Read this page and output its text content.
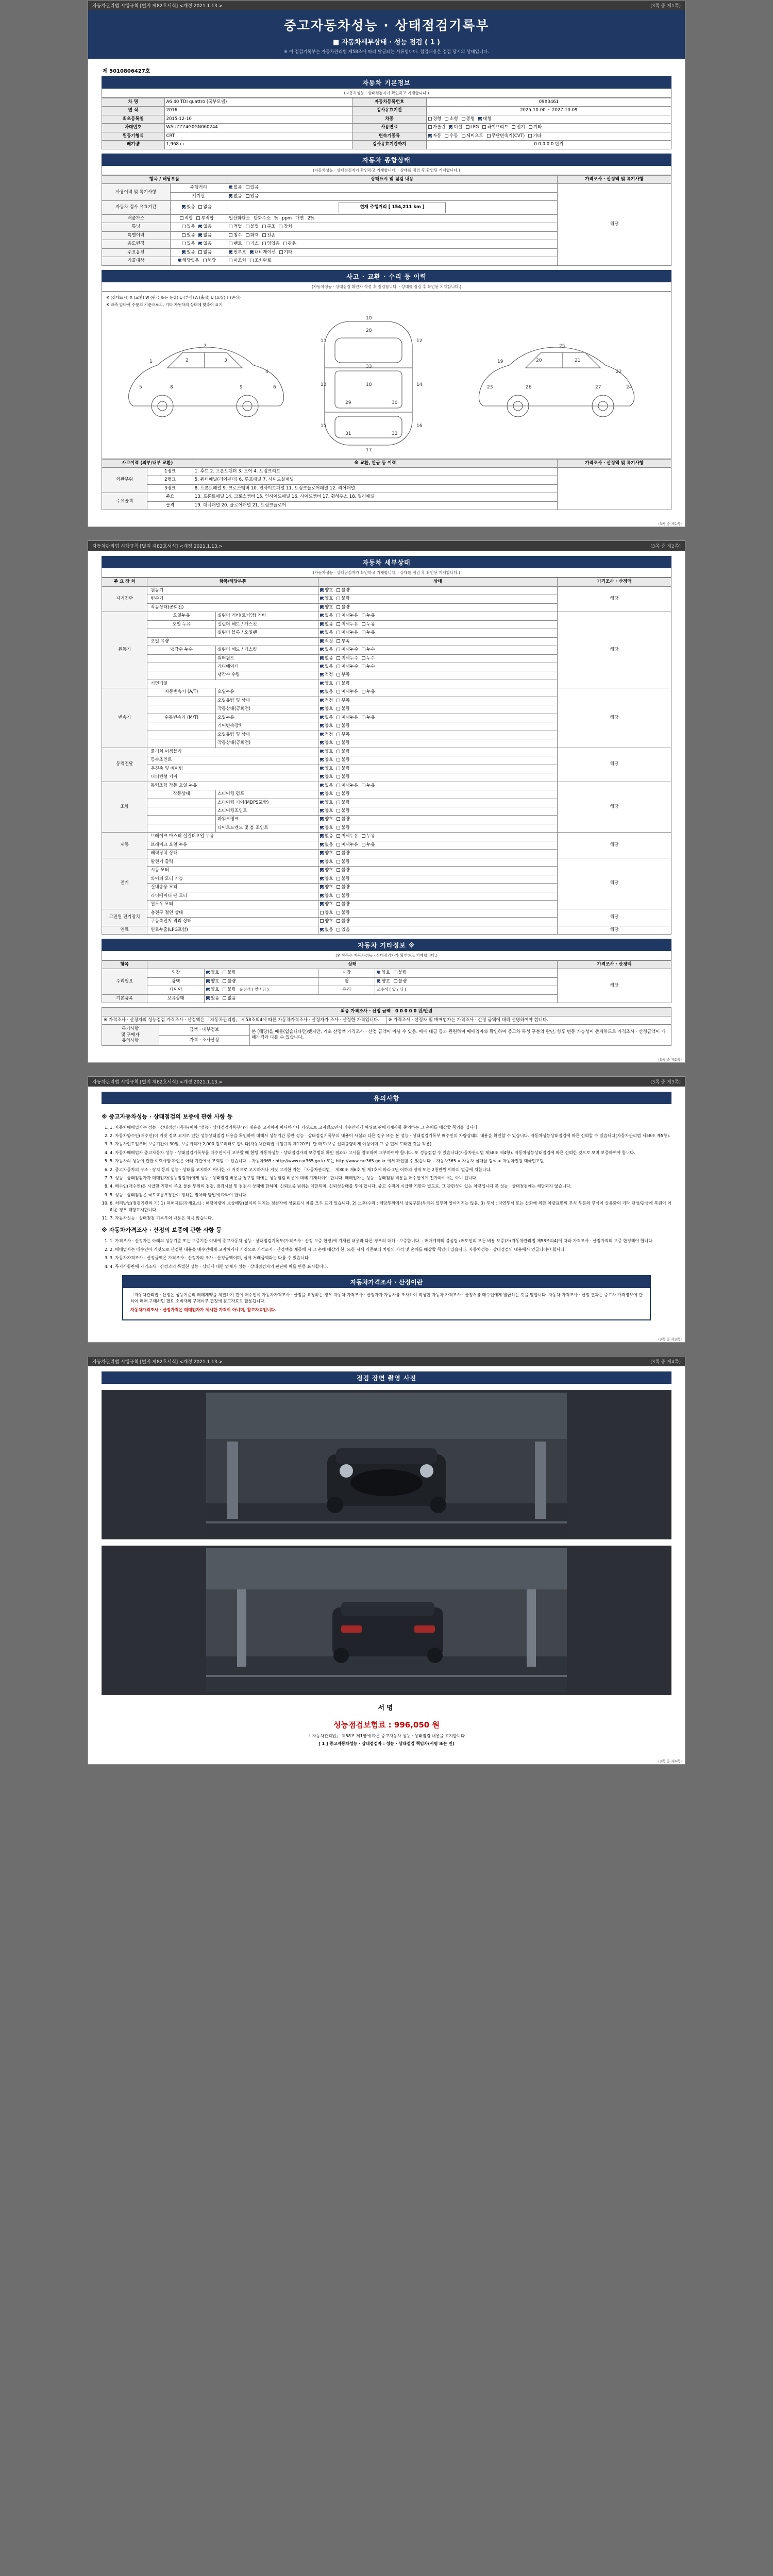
자동차관리법 시행규칙 [별지 제82호서식] <개정 2021.1.13.>	(3쪽 중 제1쪽)
중고자동차성능 · 상태점검기록부
■ 자동차세부상태 · 성능 점검 ( 1 )
※ 이 점검기록부는 자동차관리법 제58조에 따라 발급되는 서류입니다. 점검내용은 점검 당시의 상태입니다.
제 5010806427호
자동차 기본정보
(자동차성능 · 상태점검자가 확인하고 기재합니다.)
차 명	A6 40 TDI quattro (국부모델)	자동차등록번호	09X0461
연 식	2016	검사유효기간	2025-10-00 ~ 2027-10-09
최초등록일	2015-12-10	차종	경형 소형 중형 대형
차대번호	WAUZZZ4G0GN060244	사용연료	가솔린 디젤 LPG 하이브리드 전기 기타
원동기형식	CRT	변속기종류	자동 수동 세미오토 무단변속기(CVT) 기타
배기량	1,968 cc	검사유효기간까지	0 0 0 0 0 단위
자동차 종합상태
(자동차성능 · 상태점검자가 확인하고 기재합니다. · 상태를 점검 후 확인된 기재합니다.)
항목 / 해당부품		상태표시 및 점검 내용	가격조사 · 산정액 및 특기사항
사용이력 및 특기사항	주행거리	없음 있음	해당
	계기판	없음 있음	
자동차 검사 유효기간	있음 없음	현재 주행거리 [ 154,211 km ]	
배출가스	적합 부적합	일산화탄소 탄화수소 % ppm 매연 2%	
튜닝	있음 없음	적법 불법 구조 장치	
특별이력	있음 없음	침수 화재 전손	
용도변경	있음 없음	렌트 리스 영업용 관용	
주요옵션	있음 없음	썬루프 내비게이션 기타	
리콜대상	해당없음 해당	미조치 조치완료	
사고 · 교환 · 수리 등 이력
(자동차성능 · 상태점검 확인자 작성 후 점검합니다. · 상태를 점검 후 확인된 기재합니다.)
※ (상태표시) X (교환) W (판금 또는 용접) C (부식) A (흠집) U (요철) T (손상)
※ 좌측 앞바퀴 수분의 기준으로의, 기타 자동차의 상태에 맞추어 표기
1	2	3
4
5	6
7
8	9
10
11	12
13	14
15	16
17
18
19	20	21
22
23	24
25
26	27
28
29	30
31	32
33
사고이력 (외부/내부 교환)		※ 교환, 판금 등 이력	가격조사 · 산정액 및 특기사항
외판부위	1랭크	1. 후드 2. 프론트펜더 3. 도어 4. 트렁크리드	
	2랭크	5. 쿼터패널(리어펜더) 6. 루프패널 7. 사이드실패널	
	3랭크	8. 프론트패널 9. 크로스멤버 10. 인사이드패널 11. 트렁크플로어패널 12. 리어패널	
주요골격	주요	13. 프론트패널 14. 크로스멤버 15. 인사이드패널 16. 사이드멤버 17. 휠하우스 18. 필러패널	
	골격	19. 대쉬패널 20. 플로어패널 21. 트렁크플로어	
(3쪽 중 제1쪽)
자동차관리법 시행규칙 [별지 제82호서식] <개정 2021.1.13.>	(3쪽 중 제2쪽)
자동차 세부상태
(자동차성능 · 상태점검자가 확인하고 기재합니다. · 상태를 점검 후 확인된 기재합니다.)
주 요 장 치	항목/해당부품		상태	가격조사 · 산정액
자기진단	원동기		양호 불량	해당
	변속기		양호 불량	
	작동상태(공회전)		양호 불량	
원동기	오일누유	실린더 커버(로커암) 커버	없음 미세누유 누유	해당
	오일 누유	실린더 헤드 / 개스킷	없음 미세누유 누유	
		실린더 블록 / 오일팬	없음 미세누유 누유	
	오일 유량		적정 부족	
	냉각수 누수	실린더 헤드 / 개스킷	없음 미세누수 누수	
		워터펌프	없음 미세누수 누수	
		라디에이터	없음 미세누수 누수	
		냉각수 수량	적정 부족	
	커먼레일		양호 불량	
변속기	자동변속기 (A/T)	오일누유	없음 미세누유 누유	해당
		오일유량 및 상태	적정 부족	
		작동상태(공회전)	양호 불량	
	수동변속기 (M/T)	오일누유	없음 미세누유 누유	
		기어변속장치	양호 불량	
		오일유량 및 상태	적정 부족	
		작동상태(공회전)	양호 불량	
동력전달	클러치 어셈블리		양호 불량	해당
	등속조인트		양호 불량	
	추진축 및 베어링		양호 불량	
	디퍼렌셜 기어		양호 불량	
조향	동력조향 작동 오일 누유		없음 미세누유 누유	해당
	작동상태	스티어링 펌프	양호 불량	
		스티어링 기어(MDPS포함)	양호 불량	
		스티어링조인트	양호 불량	
		파워크랭크	양호 불량	
		타이로드엔드 및 볼 조인트	양호 불량	
제동	브레이크 마스터 실린더오일 누유		없음 미세누유 누유	해당
	브레이크 오일 누유		없음 미세누유 누유	
	배력장치 상태		양호 불량	
전기	발전기 출력		양호 불량	해당
	시동 모터		양호 불량	
	와이퍼 모터 기능		양호 불량	
	실내송풍 모터		양호 불량	
	라디에이터 팬 모터		양호 불량	
	윈도우 모터		양호 불량	
고전원 전기장치	충전구 절연 상태		양호 불량	해당
	구동축전지 격리 상태		양호 불량	
연료	연료누출(LPG포함)		없음 있음	해당
자동차 기타정보 ※
(※ 항목은 자동차성능 · 상태점검자가 확인하고 기재합니다.)
항목	상태				가격조사 · 산정액
수리필요	외장	양호 불량	내장	양호 불량	해당
	광택	양호 불량	휠	양호 불량	
	타이어	양호 불량 운전석 ( 앞 / 뒤 )	유리	조수석 ( 앞 / 뒤 )	
기본품목	보유상태	있음 없음			
최종 가격조사 · 산정 금액 0 0 0 0 0 원/만원
※ 가격조사 · 산정자의 성능점검 가격조사 · 산정액은 「자동차관리법」 제58조의4에 따른 자동차가격조사 · 산정자가 조사 · 산정한 가격입니다.	※ 가격조사 · 산정자 및 매매업자는 가격조사 · 산정 금액에 대해 설명하여야 합니다.
특기사항
및 구매자
유의사항	금액 · 내부정보	본 (해당)을 매몰(없습니다만)했지만, 기초 산정액 가격조사 · 산정 금액이 아닐 수 있음. 매매 대금 등과 관련하여 매매업자와 확인하여 중고차 특성 구분의 판단, 향후 변동 가능성이 존재하므로 가격조사 · 산정금액이 매매가격과 다를 수 있습니다.
가격 · 조사산정
(3쪽 중 제2쪽)
자동차관리법 시행규칙 [별지 제82호서식] <개정 2021.1.13.>	(3쪽 중 제3쪽)
유의사항
※ 중고자동차성능 · 상태점검의 보증에 관한 사항 등
1. 1. 자동차매매업자는 성능 · 상태점검기록부(이하 "성능 · 상태점검기록부")의 내용을 고지하지 아니하거나 거짓으로 고지했으면서 매수인에게 허위로 판매기재사항 중의하는 그 손해를 배상할 책임을 집니다.
2. 2. 자동차양수인(매수인)이 거짓 정보 고지로 인한 성능상태점검 내용을 확인하여 대해서 성능기간 동안 성능 · 상태점검기록부의 내용이 사실과 다른 경우 또는 본 성능 · 상태점검기록부 매수인의 차량상태의 내용을 확인할 수 있습니다. 자동차성능상태점검에 따른 신뢰할 수 있습니다(자동차관리법 제58조 제5항).
3. 3. 자동차인도일부터 보증기간이 30일, 보증거리가 2,000 킬로미터로 합니다(자동차관리법 시행규칙 제120조). 단 매도(보증 신뢰불량하게 이상이며 그 중 먼저 도래한 것을 적용).
4. 4. 자동차매매업자 중고자동차 성능 · 상태점검기록부를 매수인에게 교부할 때 현행 자동차성능 · 상태점검자의 보증범위 확인 결과와 고시를 참조하여 교부하여야 합니다. 또 성능점검 수 있습니다(자동차관리법 제58조 제4항). 자동차성능상태점검에 따른 신뢰한 것으로 보며 보증하여야 합니다.
5. 5. 자동차의 성능에 관한 이력사항 확인은 아래 기관에서 조회할 수 있습니다. - 자동차365 : http://www.car365.go.kr 또는 http://www.car365.go.kr 에서 확인할 수 있습니다. - 자동차365 > 자동차 실매물 검색 > 자동차민원 대국민포털
6. 2. 중고자동차의 구조 · 장치 등의 성능 · 상태를 고지하지 아니한 가 거짓으로 고지하거나 거짓 고지한 자는 「자동차관리법」 제80조 제6호 및 제7호에 따라 2년 이하의 징역 또는 2천만원 이하의 벌금에 처합니다.
7. 3. 성능 · 상태점검자가 매매업자(성능점검자)에게 성능 · 상태점검 비용을 청구할 때에는 성능점검 비용에 대해 기재하여야 합니다. 매매업자는 성능 · 상태점검 비용을 매수인에게 전가하여서는 아니 됩니다.
8. 4. 매수인(매수인)은 시급한 기한이 주요 물론 부위의 점검, 점검시설 및 점검시 상태에 한하며, 신뢰보증 범위는 제한되며, 신뢰성상태를 부여 합니다. 중고 수리의 시급한 기한과 별도로, 그 관련성의 있는 차량입니다 본 성능 · 상태점검에는 해당되지 않습니다.
9. 5. 성능 · 상태점검은 국토교통부장관이 정하는 절차와 방법에 따라야 합니다.
10. 6. 처리방법(점검기관의 기) 1) 피해자료(자세요소) : 해당차량에 보상해당(없이의 피지는 점검자에 상품표시 체를 모두 표기 있습니다. 2) 노후/수리 : 해당부위에서 상품구분(무리의 일부의 알아지지는 않음. 3) 부식 : 자연부식 또는 산화에 의한 차량표면의 부식 부분의 부식이 상품화의 기타 탄성/판금에 복원이 어려운 경우 해당표시합니다.
11. 7. 자동차성능 · 상태점검 기록부의 내용은 제시 않습니다.
※ 자동차가격조사 · 산정의 보증에 관한 사항 등
1. 1. 가격조사 · 산정자는 아래의 성능기준 또는 보증기간 이내에 중고자동차 성능 · 상태점검기록부(가격조사 · 산정 보증 한정)에 기재된 내용과 다른 경우의 대해 · 보증합니다. - 매매계약의 불성립 (매도인의 모든 비용 보증)가(자동차관리법 제58조의4)에 따라 가격조사 · 산정가격의 보증 한정해야 합니다.
2. 2. 매매업자는 매수인이 거짓으로 산정한 내용을 매수인에게 고지하거나 거짓으로 가격조사 · 산정액을 제공해 시 그 손해 배상의 한, 또한 시세 기준보다 차량의 가격 및 손해를 배상할 책임이 있습니다. 자동차성능 · 상태점검의 내용에서 언급되어야 합니다.
3. 3. 자동차가격조사 · 산정금액은 가격조사 · 산정자의 조사 · 산정금액이며, 실제 거래금액과는 다를 수 있습니다.
4. 4. 특기사항란에 가격조사 · 산정과의 특별한 성능 · 상태에 대한 언제가 성능 · 상태점검자의 판단에 따를 만큼 표시합니다.
자동차가격조사 · 산정이란

「자동차관리법 · 산정은 성능기준의 매매계약을 체결하기 전에 매수인이 자동차가격조사 · 산정을 요청하는 경우 자동차 가격조사 · 산정자가 자동차를 조사하여 작성한 자동차 가격조사 · 산정서를 매수인에게 발급하는 것을 말합니다. 자동차 가격조사 · 산정 결과는 중고차 가격정보에 관하여 매매 구매하던 필요 소비자의 구매여부 결정에 참고자료로 활용됩니다.

자동차가격조사 · 산정가격은 매매업자가 제시한 가격이 아니며, 참고자료입니다.

(3쪽 중 제3쪽)
자동차관리법 시행규칙 [별지 제82호서식] <개정 2021.1.13.>	(3쪽 중 제4쪽)
점검 장면 촬영 사진
서명
성능점검보험료 : 996,050 원
「 자동차관리법」 제58조 제1항에 따른 중고자동차 성능 · 상태점검 내용을 고지합니다.
[ 1 ] 중고자동차성능 · 상태점검자 : 성능 · 상태점검 책임자(서명 또는 인)
(3쪽 중 제4쪽)
